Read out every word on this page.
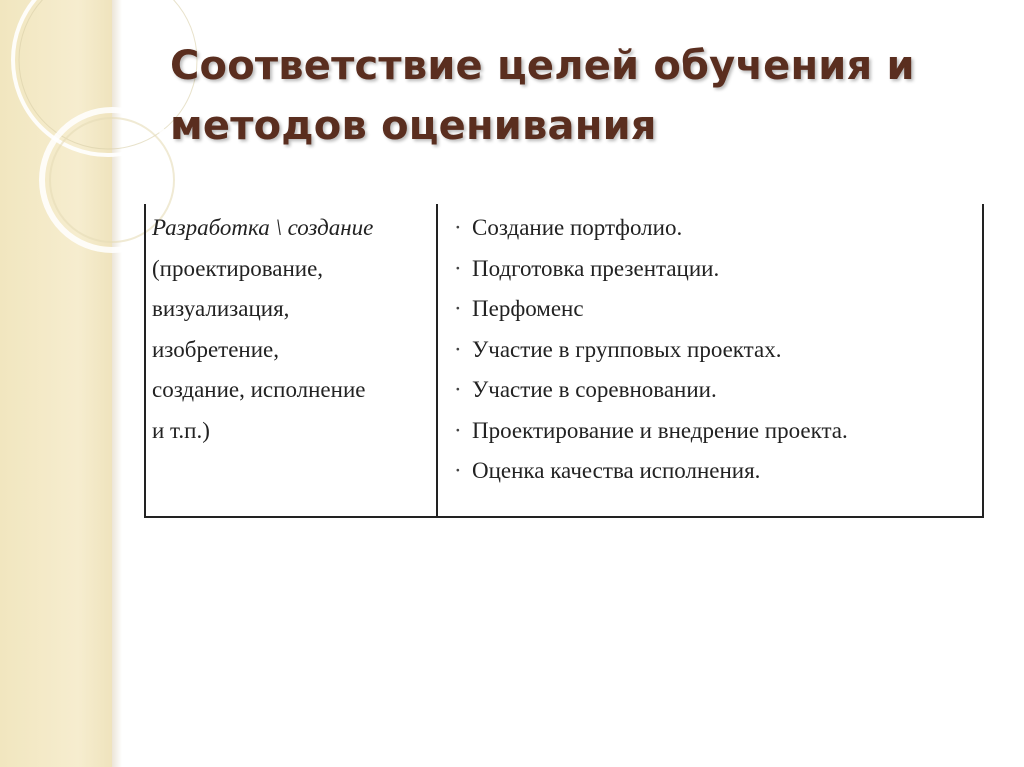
Соответствие целей обучения и
методов оценивания
Разработка \ создание
(проектирование,
визуализация,
изобретение,
создание, исполнение
и т.п.)
· Создание портфолио.
· Подготовка презентации.
· Перфоменс
· Участие в групповых проектах.
· Участие в соревновании.
· Проектирование и внедрение проекта.
· Оценка качества исполнения.
